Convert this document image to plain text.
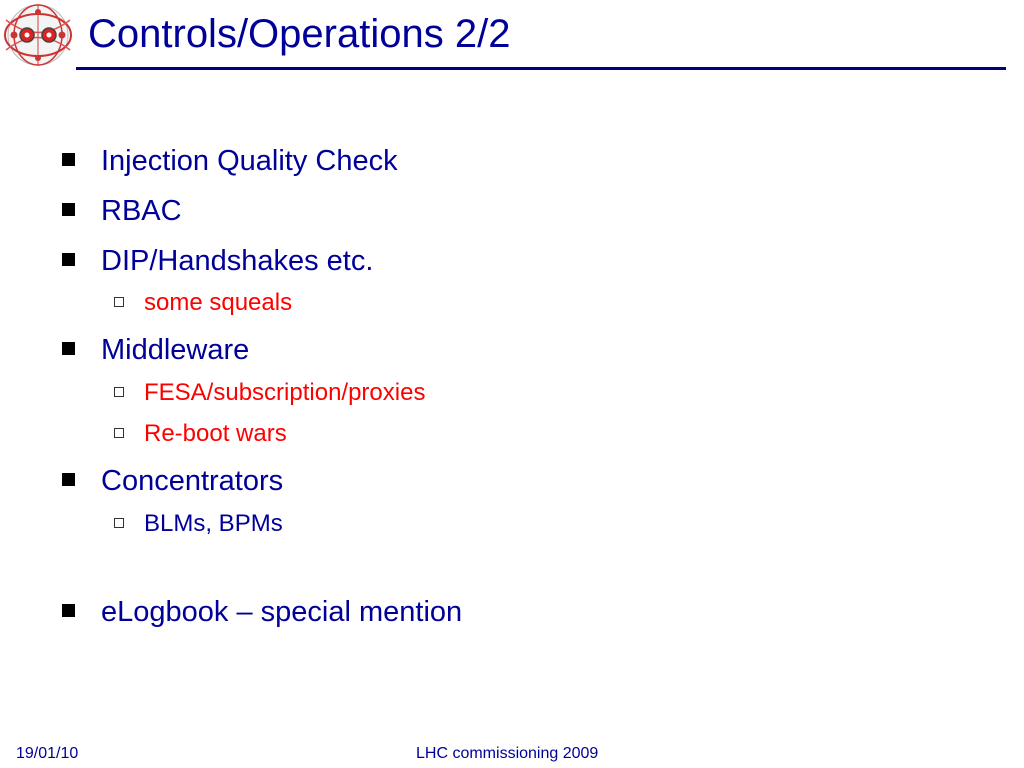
Controls/Operations 2/2
Injection Quality Check
RBAC
DIP/Handshakes etc.
some squeals
Middleware
FESA/subscription/proxies
Re-boot wars
Concentrators
BLMs, BPMs
eLogbook – special mention
19/01/10	LHC commissioning 2009
